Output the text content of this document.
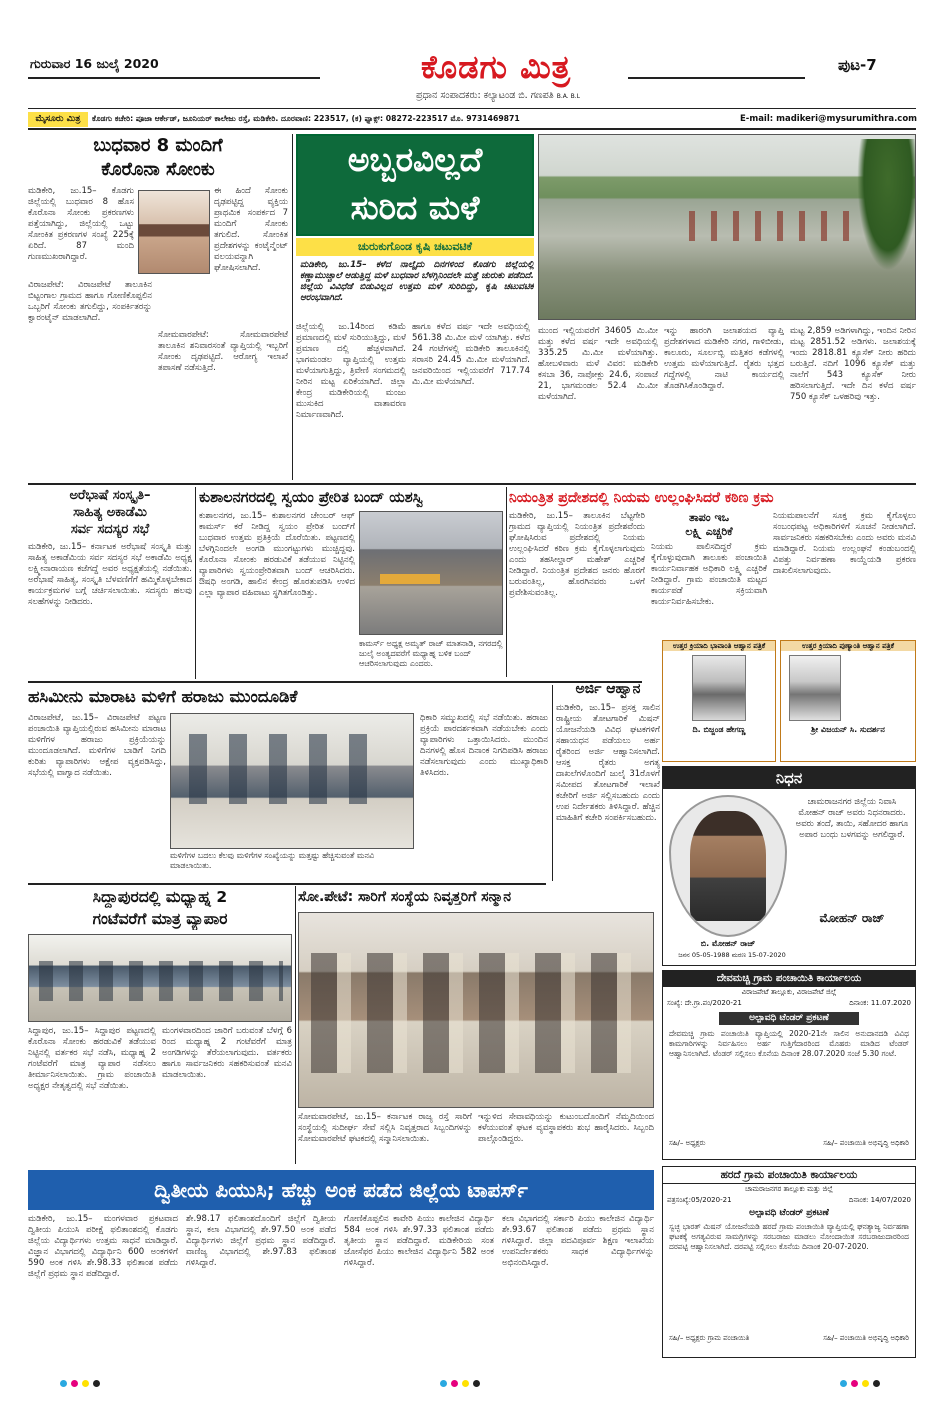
ಗುರುವಾರ 16 ಜುಲೈ 2020	ಕೊಡಗು ಮಿತ್ರ	ಪುಟ-7
ಪ್ರಧಾನ ಸಂಪಾದಕರು: ಕಲ್ಯಾಟಂಡ ಬಿ. ಗಣಪತಿ B.A. B.L
ಮೈಸೂರು ಮಿತ್ರ	ಕೊಡಗು ಕಚೇರಿ: ಪೂಜಾ ಆರ್ಕೇಡ್, ಜೂನಿಯರ್ ಕಾಲೇಜು ರಸ್ತೆ, ಮಡಿಕೇರಿ. ದೂರವಾಣಿ: 223517, (ಕ) ಫ್ಯಾಕ್ಸ್: 08272-223517 ಮೊ. 9731469871	E-mail: madikeri@mysurumithra.com
ಬುಧವಾರ 8 ಮಂದಿಗೆ
ಕೊರೊನಾ ಸೋಂಕು
ಮಡಿಕೇರಿ, ಜು.15– ಕೊಡಗು ಜಿಲ್ಲೆಯಲ್ಲಿ ಬುಧವಾರ 8 ಹೊಸ ಕೊರೊನಾ ಸೋಂಕು ಪ್ರಕರಣಗಳು ಪತ್ತೆಯಾಗಿದ್ದು, ಜಿಲ್ಲೆಯಲ್ಲಿ ಒಟ್ಟು ಸೋಂಕಿತ ಪ್ರಕರಣಗಳ ಸಂಖ್ಯೆ 225ಕ್ಕೆ ಏರಿದೆ. 87 ಮಂದಿ ಗುಣಮುಖರಾಗಿದ್ದಾರೆ.
ಈ ಹಿಂದೆ ಸೋಂಕು ದೃಢಪಟ್ಟಿದ್ದ ವ್ಯಕ್ತಿಯ ಪ್ರಾಥಮಿಕ ಸಂಪರ್ಕದ 7 ಮಂದಿಗೆ ಸೋಂಕು ತಗುಲಿದೆ. ಸೋಂಕಿತ ಪ್ರದೇಶಗಳನ್ನು ಕಂಟೈನ್ಮೆಂಟ್ ವಲಯವನ್ನಾಗಿ ಘೋಷಿಸಲಾಗಿದೆ.
ವಿರಾಜಪೇಟೆ: ವಿರಾಜಪೇಟೆ ತಾಲೂಕಿನ ಬಿಟ್ಟಂಗಾಲ ಗ್ರಾಮದ ಹಾಗೂ ಗೋಣಿಕೊಪ್ಪಲಿನ ಒಬ್ಬರಿಗೆ ಸೋಂಕು ತಗುಲಿದ್ದು, ಸಂಪರ್ಕಿತರನ್ನು ಕ್ವಾರಂಟೈನ್ ಮಾಡಲಾಗಿದೆ.
ಸೋಮವಾರಪೇಟೆ: ಸೋಮವಾರಪೇಟೆ ತಾಲೂಕಿನ ಶನಿವಾರಸಂತೆ ವ್ಯಾಪ್ತಿಯಲ್ಲಿ ಇಬ್ಬರಿಗೆ ಸೋಂಕು ದೃಢಪಟ್ಟಿದೆ. ಆರೋಗ್ಯ ಇಲಾಖೆ ತಪಾಸಣೆ ನಡೆಸುತ್ತಿದೆ.
ಅಬ್ಬರವಿಲ್ಲದೆ
ಸುರಿದ ಮಳೆ
ಚುರುಕುಗೊಂಡ ಕೃಷಿ ಚಟುವಟಿಕೆ
ಮಡಿಕೇರಿ, ಜು.15– ಕಳೆದ ನಾಲ್ಕೈದು ದಿನಗಳಿಂದ ಕೊಡಗು ಜಿಲ್ಲೆಯಲ್ಲಿ ಕಣ್ಣಾಮುಚ್ಚಾಲೆ ಆಡುತ್ತಿದ್ದ ಮಳೆ ಬುಧವಾರ ಬೆಳಗ್ಗಿನಿಂದಲೇ ಮತ್ತೆ ಚುರುಕು ಪಡೆದಿದೆ. ಜಿಲ್ಲೆಯ ವಿವಿಧೆಡೆ ಬಿಡುವಿಲ್ಲದ ಉತ್ತಮ ಮಳೆ ಸುರಿದಿದ್ದು, ಕೃಷಿ ಚಟುವಟಿಕೆ ಆರಂಭವಾಗಿದೆ.
ಜಿಲ್ಲೆಯಲ್ಲಿ ಜು.14ರಿಂದ ಕಡಿಮೆ ಪ್ರಮಾಣದಲ್ಲಿ ಮಳೆ ಸುರಿಯುತ್ತಿದ್ದು, ಮಳೆ ಪ್ರಮಾಣ ದಲ್ಲಿ ಹೆಚ್ಚಳವಾಗಿದೆ. ಭಾಗಮಂಡಲ ವ್ಯಾಪ್ತಿಯಲ್ಲಿ ಉತ್ತಮ ಮಳೆಯಾಗುತ್ತಿದ್ದು, ತ್ರಿವೇಣಿ ಸಂಗಮದಲ್ಲಿ ನೀರಿನ ಮಟ್ಟ ಏರಿಕೆಯಾಗಿದೆ. ಜಿಲ್ಲಾ ಕೇಂದ್ರ ಮಡಿಕೇರಿಯಲ್ಲಿ ಮಂಜು ಮುಸುಕಿದ ವಾತಾವರಣ ನಿರ್ಮಾಣವಾಗಿದೆ.
ಹಾಗೂ ಕಳೆದ ವರ್ಷ ಇದೇ ಅವಧಿಯಲ್ಲಿ 561.38 ಮಿ.ಮೀ ಮಳೆ ಯಾಗಿತ್ತು. ಕಳೆದ 24 ಗಂಟೆಗಳಲ್ಲಿ ಮಡಿಕೇರಿ ತಾಲೂಕಿನಲ್ಲಿ ಸರಾಸರಿ 24.45 ಮಿ.ಮೀ ಮಳೆಯಾಗಿದೆ. ಜನವರಿಯಿಂದ ಇಲ್ಲಿಯವರೆಗೆ 717.74 ಮಿ.ಮೀ ಮಳೆಯಾಗಿದೆ.
ಮುಂದ ಇಲ್ಲಿಯವರೆಗೆ 34605 ಮಿ.ಮೀ ಮತ್ತು ಕಳೆದ ವರ್ಷ ಇದೇ ಅವಧಿಯಲ್ಲಿ 335.25 ಮಿ.ಮೀ ಮಳೆಯಾಗಿತ್ತು. ಹೋಬಳಿವಾರು ಮಳೆ ವಿವರ: ಮಡಿಕೇರಿ ಕಸಬಾ 36, ನಾಪೋಕ್ಲು 24.6, ಸಂಪಾಜೆ 21, ಭಾಗಮಂಡಲ 52.4 ಮಿ.ಮೀ ಮಳೆಯಾಗಿದೆ.
ಇನ್ನು ಹಾರಂಗಿ ಜಲಾಶಯದ ವ್ಯಾಪ್ತಿ ಪ್ರದೇಶಗಳಾದ ಮಡಿಕೇರಿ ನಗರ, ಗಾಳಿಬೀಡು, ಕಾಲೂರು, ಸೂರ್ಲಬ್ಬಿ ಮತ್ತಿತರ ಕಡೆಗಳಲ್ಲಿ ಉತ್ತಮ ಮಳೆಯಾಗುತ್ತಿದೆ. ರೈತರು ಭತ್ತದ ಗದ್ದೆಗಳಲ್ಲಿ ನಾಟಿ ಕಾರ್ಯದಲ್ಲಿ ತೊಡಗಿಸಿಕೊಂಡಿದ್ದಾರೆ.
ಮಟ್ಟ 2,859 ಅಡಿಗಳಾಗಿದ್ದು, ಇಂದಿನ ನೀರಿನ ಮಟ್ಟ 2851.52 ಅಡಿಗಳು. ಜಲಾಶಯಕ್ಕೆ ಇಂದು 2818.81 ಕ್ಯೂಸೆಕ್ ನೀರು ಹರಿದು ಬರುತ್ತಿದೆ. ನದಿಗೆ 1096 ಕ್ಯೂಸೆಕ್ ಮತ್ತು ನಾಲೆಗೆ 543 ಕ್ಯೂಸೆಕ್ ನೀರು ಹರಿಸಲಾಗುತ್ತಿದೆ. ಇದೇ ದಿನ ಕಳೆದ ವರ್ಷ 750 ಕ್ಯೂಸೆಕ್ ಒಳಹರಿವು ಇತ್ತು.
ಅರೆಭಾಷೆ ಸಂಸ್ಕೃತಿ–
ಸಾಹಿತ್ಯ ಅಕಾಡೆಮಿ
ಸರ್ವ ಸದಸ್ಯರ ಸಭೆ
ಮಡಿಕೇರಿ, ಜು.15– ಕರ್ನಾಟಕ ಅರೆಭಾಷೆ ಸಂಸ್ಕೃತಿ ಮತ್ತು ಸಾಹಿತ್ಯ ಅಕಾಡೆಮಿಯ ಸರ್ವ ಸದಸ್ಯರ ಸಭೆ ಅಕಾಡೆಮಿ ಅಧ್ಯಕ್ಷ ಲಕ್ಷ್ಮೀನಾರಾಯಣ ಕಜೆಗದ್ದೆ ಅವರ ಅಧ್ಯಕ್ಷತೆಯಲ್ಲಿ ನಡೆಯಿತು. ಅರೆಭಾಷೆ ಸಾಹಿತ್ಯ, ಸಂಸ್ಕೃತಿ ಬೆಳವಣಿಗೆಗೆ ಹಮ್ಮಿಕೊಳ್ಳಬೇಕಾದ ಕಾರ್ಯಕ್ರಮಗಳ ಬಗ್ಗೆ ಚರ್ಚಿಸಲಾಯಿತು. ಸದಸ್ಯರು ಹಲವು ಸಲಹೆಗಳನ್ನು ನೀಡಿದರು.
ಕುಶಾಲನಗರದಲ್ಲಿ ಸ್ವಯಂ ಪ್ರೇರಿತ ಬಂದ್ ಯಶಸ್ವಿ
ಕುಶಾಲನಗರ, ಜು.15– ಕುಶಾಲನಗರ ಚೇಂಬರ್ ಆಫ್ ಕಾಮರ್ಸ್ ಕರೆ ನೀಡಿದ್ದ ಸ್ವಯಂ ಪ್ರೇರಿತ ಬಂದ್‌ಗೆ ಬುಧವಾರ ಉತ್ತಮ ಪ್ರತಿಕ್ರಿಯೆ ದೊರೆಯಿತು. ಪಟ್ಟಣದಲ್ಲಿ ಬೆಳಗ್ಗಿನಿಂದಲೇ ಅಂಗಡಿ ಮುಂಗಟ್ಟುಗಳು ಮುಚ್ಚಿದ್ದವು. ಕೊರೊನಾ ಸೋಂಕು ಹರಡುವಿಕೆ ತಡೆಯುವ ನಿಟ್ಟಿನಲ್ಲಿ ವ್ಯಾಪಾರಿಗಳು ಸ್ವಯಂಪ್ರೇರಿತವಾಗಿ ಬಂದ್ ಆಚರಿಸಿದರು. ಔಷಧಿ ಅಂಗಡಿ, ಹಾಲಿನ ಕೇಂದ್ರ ಹೊರತುಪಡಿಸಿ ಉಳಿದ ಎಲ್ಲಾ ವ್ಯಾಪಾರ ವಹಿವಾಟು ಸ್ಥಗಿತಗೊಂಡಿತ್ತು.
ಕಾಮರ್ಸ್ ಅಧ್ಯಕ್ಷ ಅಮೃತ್ ರಾಜ್ ಮಾತನಾಡಿ, ನಗರದಲ್ಲಿ ಜುಲೈ ಅಂತ್ಯದವರೆಗೆ ಮಧ್ಯಾಹ್ನ ಬಳಿಕ ಬಂದ್ ಆಚರಿಸಲಾಗುವುದು ಎಂದರು.
ನಿಯಂತ್ರಿತ ಪ್ರದೇಶದಲ್ಲಿ ನಿಯಮ ಉಲ್ಲಂಘಿಸಿದರೆ ಕಠಿಣ ಕ್ರಮ
ಮಡಿಕೇರಿ, ಜು.15– ತಾಲೂಕಿನ ಬೆಟ್ಟಗೇರಿ ಗ್ರಾಮದ ವ್ಯಾಪ್ತಿಯಲ್ಲಿ ನಿಯಂತ್ರಿತ ಪ್ರದೇಶವೆಂದು ಘೋಷಿಸಿರುವ ಪ್ರದೇಶದಲ್ಲಿ ನಿಯಮ ಉಲ್ಲಂಘಿಸಿದರೆ ಕಠಿಣ ಕ್ರಮ ಕೈಗೊಳ್ಳಲಾಗುವುದು ಎಂದು ತಹಸೀಲ್ದಾರ್ ಮಹೇಶ್ ಎಚ್ಚರಿಕೆ ನೀಡಿದ್ದಾರೆ. ನಿಯಂತ್ರಿತ ಪ್ರದೇಶದ ಜನರು ಹೊರಗೆ ಬರುವಂತಿಲ್ಲ, ಹೊರಗಿನವರು ಒಳಗೆ ಪ್ರವೇಶಿಸುವಂತಿಲ್ಲ.
ತಾಪಂ ಇಒ
ಲಕ್ಷ್ಮಿ ಎಚ್ಚರಿಕೆ
ನಿಯಮ ಪಾಲಿಸದಿದ್ದರೆ ಕ್ರಮ ಕೈಗೊಳ್ಳುವುದಾಗಿ ತಾಲೂಕು ಪಂಚಾಯಿತಿ ಕಾರ್ಯನಿರ್ವಾಹಕ ಅಧಿಕಾರಿ ಲಕ್ಷ್ಮಿ ಎಚ್ಚರಿಕೆ ನೀಡಿದ್ದಾರೆ. ಗ್ರಾಮ ಪಂಚಾಯಿತಿ ಮಟ್ಟದ ಕಾರ್ಯಪಡೆ ಸಕ್ರಿಯವಾಗಿ ಕಾರ್ಯನಿರ್ವಹಿಸಬೇಕು.
ನಿಯಮಪಾಲನೆಗೆ ಸೂಕ್ತ ಕ್ರಮ ಕೈಗೊಳ್ಳಲು ಸಂಬಂಧಪಟ್ಟ ಅಧಿಕಾರಿಗಳಿಗೆ ಸೂಚನೆ ನೀಡಲಾಗಿದೆ. ಸಾರ್ವಜನಿಕರು ಸಹಕರಿಸಬೇಕು ಎಂದು ಅವರು ಮನವಿ ಮಾಡಿದ್ದಾರೆ. ನಿಯಮ ಉಲ್ಲಂಘನೆ ಕಂಡುಬಂದಲ್ಲಿ ವಿಪತ್ತು ನಿರ್ವಹಣಾ ಕಾಯ್ದೆಯಡಿ ಪ್ರಕರಣ ದಾಖಲಿಸಲಾಗುವುದು.
ಹಸಿಮೀನು ಮಾರಾಟ ಮಳಿಗೆ ಹರಾಜು ಮುಂದೂಡಿಕೆ
ವಿರಾಜಪೇಟೆ, ಜು.15– ವಿರಾಜಪೇಟೆ ಪಟ್ಟಣ ಪಂಚಾಯಿತಿ ವ್ಯಾಪ್ತಿಯಲ್ಲಿರುವ ಹಸಿಮೀನು ಮಾರಾಟ ಮಳಿಗೆಗಳ ಹರಾಜು ಪ್ರಕ್ರಿಯೆಯನ್ನು ಮುಂದೂಡಲಾಗಿದೆ. ಮಳಿಗೆಗಳ ಬಾಡಿಗೆ ನಿಗದಿ ಕುರಿತು ವ್ಯಾಪಾರಿಗಳು ಆಕ್ಷೇಪ ವ್ಯಕ್ತಪಡಿಸಿದ್ದು, ಸಭೆಯಲ್ಲಿ ವಾಗ್ವಾದ ನಡೆಯಿತು.
ಮಳಿಗೆಗಳ ಬದಲು ಕೆಲವು ಮಳಿಗೆಗಳ ಸಂಖ್ಯೆಯನ್ನು ಮತ್ತಷ್ಟು ಹೆಚ್ಚಿಸುವಂತೆ ಮನವಿ ಮಾಡಲಾಯಿತು.
ಧಿಕಾರಿ ಸಮ್ಮುಖದಲ್ಲಿ ಸಭೆ ನಡೆಯಿತು. ಹರಾಜು ಪ್ರಕ್ರಿಯೆ ಪಾರದರ್ಶಕವಾಗಿ ನಡೆಯಬೇಕು ಎಂದು ವ್ಯಾಪಾರಿಗಳು ಒತ್ತಾಯಿಸಿದರು. ಮುಂದಿನ ದಿನಗಳಲ್ಲಿ ಹೊಸ ದಿನಾಂಕ ನಿಗದಿಪಡಿಸಿ ಹರಾಜು ನಡೆಸಲಾಗುವುದು ಎಂದು ಮುಖ್ಯಾಧಿಕಾರಿ ತಿಳಿಸಿದರು.
ಅರ್ಜಿ ಆಹ್ವಾನ
ಮಡಿಕೇರಿ, ಜು.15– ಪ್ರಸಕ್ತ ಸಾಲಿನ ರಾಷ್ಟ್ರೀಯ ತೋಟಗಾರಿಕೆ ಮಿಷನ್ ಯೋಜನೆಯಡಿ ವಿವಿಧ ಘಟಕಗಳಿಗೆ ಸಹಾಯಧನ ಪಡೆಯಲು ಅರ್ಹ ರೈತರಿಂದ ಅರ್ಜಿ ಆಹ್ವಾನಿಸಲಾಗಿದೆ. ಆಸಕ್ತ ರೈತರು ಅಗತ್ಯ ದಾಖಲೆಗಳೊಂದಿಗೆ ಜುಲೈ 31ರೊಳಗೆ ಸಮೀಪದ ತೋಟಗಾರಿಕೆ ಇಲಾಖೆ ಕಚೇರಿಗೆ ಅರ್ಜಿ ಸಲ್ಲಿಸಬಹುದು ಎಂದು ಉಪ ನಿರ್ದೇಶಕರು ತಿಳಿಸಿದ್ದಾರೆ. ಹೆಚ್ಚಿನ ಮಾಹಿತಿಗೆ ಕಚೇರಿ ಸಂಪರ್ಕಿಸಬಹುದು.
ಉತ್ತರ ಕ್ರಿಯಾದಿ ಭಾವಾಂತಿ ಆಹ್ವಾನ ಪತ್ರಿಕೆ
ದಿ. ಬಿಜ್ಜಂಡ ಹೇಗಣ್ಣ
ಉತ್ತರ ಕ್ರಿಯಾದಿ ಪುಣ್ಯಾಂತಿ ಆಹ್ವಾನ ಪತ್ರಿಕೆ
ಶ್ರೀ ವಿಜಯನ್ ಸಿ. ಸುದರ್ಶನ
ನಿಧನ
ಬಿ. ಮೋಹನ್ ರಾಜ್
ಜನನ 05-05-1988 ಮರಣ 15-07-2020
ಚಾಮರಾಜನಗರ ಜಿಲ್ಲೆಯ ನಿವಾಸಿ ಮೋಹನ್ ರಾಜ್ ಅವರು ನಿಧನರಾದರು. ಅವರು ತಂದೆ, ತಾಯಿ, ಸಹೋದರ ಹಾಗೂ ಅಪಾರ ಬಂಧು ಬಳಗವನ್ನು ಅಗಲಿದ್ದಾರೆ.
ಮೋಹನ್ ರಾಜ್
ಸಿದ್ದಾಪುರದಲ್ಲಿ ಮಧ್ಯಾಹ್ನ 2
ಗಂಟೆವರೆಗೆ ಮಾತ್ರ ವ್ಯಾಪಾರ
ಸಿದ್ದಾಪುರ, ಜು.15– ಸಿದ್ದಾಪುರ ಪಟ್ಟಣದಲ್ಲಿ ಕೊರೊನಾ ಸೋಂಕು ಹರಡುವಿಕೆ ತಡೆಯುವ ನಿಟ್ಟಿನಲ್ಲಿ ವರ್ತಕರ ಸಭೆ ನಡೆಸಿ, ಮಧ್ಯಾಹ್ನ 2 ಗಂಟೆವರೆಗೆ ಮಾತ್ರ ವ್ಯಾಪಾರ ನಡೆಸಲು ತೀರ್ಮಾನಿಸಲಾಯಿತು. ಗ್ರಾಮ ಪಂಚಾಯಿತಿ ಅಧ್ಯಕ್ಷರ ನೇತೃತ್ವದಲ್ಲಿ ಸಭೆ ನಡೆಯಿತು.
ಮಂಗಳವಾರದಿಂದ ಜಾರಿಗೆ ಬರುವಂತೆ ಬೆಳಗ್ಗೆ 6 ರಿಂದ ಮಧ್ಯಾಹ್ನ 2 ಗಂಟೆವರೆಗೆ ಮಾತ್ರ ಅಂಗಡಿಗಳನ್ನು ತೆರೆಯಲಾಗುವುದು. ವರ್ತಕರು ಹಾಗೂ ಸಾರ್ವಜನಿಕರು ಸಹಕರಿಸುವಂತೆ ಮನವಿ ಮಾಡಲಾಯಿತು.
ಸೋ.ಪೇಟೆ: ಸಾರಿಗೆ ಸಂಸ್ಥೆಯ ನಿವೃತ್ತರಿಗೆ ಸನ್ಮಾನ
ಸೋಮವಾರಪೇಟೆ, ಜು.15– ಕರ್ನಾಟಕ ರಾಜ್ಯ ರಸ್ತೆ ಸಾರಿಗೆ ಸಂಸ್ಥೆಯಲ್ಲಿ ಸುದೀರ್ಘ ಸೇವೆ ಸಲ್ಲಿಸಿ ನಿವೃತ್ತರಾದ ಸಿಬ್ಬಂದಿಗಳನ್ನು ಸೋಮವಾರಪೇಟೆ ಘಟಕದಲ್ಲಿ ಸನ್ಮಾನಿಸಲಾಯಿತು.
ಇನ್ನುಳಿದ ಸೇವಾವಧಿಯನ್ನು ಕುಟುಂಬದೊಂದಿಗೆ ನೆಮ್ಮದಿಯಿಂದ ಕಳೆಯುವಂತೆ ಘಟಕ ವ್ಯವಸ್ಥಾಪಕರು ಶುಭ ಹಾರೈಸಿದರು. ಸಿಬ್ಬಂದಿ ಪಾಲ್ಗೊಂಡಿದ್ದರು.
ದೇವಮಚ್ಚಿ ಗ್ರಾಮ ಪಂಚಾಯಿತಿ ಕಾರ್ಯಾಲಯ
ವಿರಾಜಪೇಟೆ ತಾಲ್ಲೂಕು, ವಿರಾಜಪೇಟೆ ಜಿಲ್ಲೆ
ಸಂಖ್ಯೆ: ದೇ.ಗ್ರಾ.ಪಂ/2020-21	ದಿನಾಂಕ: 11.07.2020
ಅಲ್ಪಾವಧಿ ಟೆಂಡರ್ ಪ್ರಕಟಣೆ
ದೇವಮಚ್ಚಿ ಗ್ರಾಮ ಪಂಚಾಯಿತಿ ವ್ಯಾಪ್ತಿಯಲ್ಲಿ 2020-21ನೇ ಸಾಲಿನ ಅನುದಾನದಡಿ ವಿವಿಧ ಕಾಮಗಾರಿಗಳನ್ನು ನಿರ್ವಹಿಸಲು ಅರ್ಹ ಗುತ್ತಿಗೆದಾರರಿಂದ ಮೊಹರು ಮಾಡಿದ ಟೆಂಡರ್ ಆಹ್ವಾನಿಸಲಾಗಿದೆ. ಟೆಂಡರ್ ಸಲ್ಲಿಸಲು ಕೊನೆಯ ದಿನಾಂಕ 28.07.2020 ಸಂಜೆ 5.30 ಗಂಟೆ.
ಸಹಿ/– ಅಧ್ಯಕ್ಷರು	ಸಹಿ/– ಪಂಚಾಯಿತಿ ಅಭಿವೃದ್ಧಿ ಅಧಿಕಾರಿ
ದ್ವಿತೀಯ ಪಿಯುಸಿ; ಹೆಚ್ಚು ಅಂಕ ಪಡೆದ ಜಿಲ್ಲೆಯ ಟಾಪರ್ಸ್
ಮಡಿಕೇರಿ, ಜು.15– ಮಂಗಳವಾರ ಪ್ರಕಟವಾದ ದ್ವಿತೀಯ ಪಿಯುಸಿ ಪರೀಕ್ಷೆ ಫಲಿತಾಂಶದಲ್ಲಿ ಕೊಡಗು ಜಿಲ್ಲೆಯ ವಿದ್ಯಾರ್ಥಿಗಳು ಉತ್ತಮ ಸಾಧನೆ ಮಾಡಿದ್ದಾರೆ. ವಿಜ್ಞಾನ ವಿಭಾಗದಲ್ಲಿ ವಿದ್ಯಾರ್ಥಿನಿ 600 ಅಂಕಗಳಿಗೆ 590 ಅಂಕ ಗಳಿಸಿ ಶೇ.98.33 ಫಲಿತಾಂಶ ಪಡೆದು ಜಿಲ್ಲೆಗೆ ಪ್ರಥಮ ಸ್ಥಾನ ಪಡೆದಿದ್ದಾರೆ.
ಶೇ.98.17 ಫಲಿತಾಂಶದೊಂದಿಗೆ ಜಿಲ್ಲೆಗೆ ದ್ವಿತೀಯ ಸ್ಥಾನ, ಕಲಾ ವಿಭಾಗದಲ್ಲಿ ಶೇ.97.50 ಅಂಕ ಪಡೆದ ವಿದ್ಯಾರ್ಥಿಗಳು ಜಿಲ್ಲೆಗೆ ಪ್ರಥಮ ಸ್ಥಾನ ಪಡೆದಿದ್ದಾರೆ. ವಾಣಿಜ್ಯ ವಿಭಾಗದಲ್ಲಿ ಶೇ.97.83 ಫಲಿತಾಂಶ ಗಳಿಸಿದ್ದಾರೆ.
ಗೋಣಿಕೊಪ್ಪಲಿನ ಕಾವೇರಿ ಪಿಯು ಕಾಲೇಜಿನ ವಿದ್ಯಾರ್ಥಿ 584 ಅಂಕ ಗಳಿಸಿ ಶೇ.97.33 ಫಲಿತಾಂಶ ಪಡೆದು ತೃತೀಯ ಸ್ಥಾನ ಪಡೆದಿದ್ದಾರೆ. ಮಡಿಕೇರಿಯ ಸಂತ ಜೋಸೆಫರ ಪಿಯು ಕಾಲೇಜಿನ ವಿದ್ಯಾರ್ಥಿನಿ 582 ಅಂಕ ಗಳಿಸಿದ್ದಾರೆ.
ಕಲಾ ವಿಭಾಗದಲ್ಲಿ ಸರ್ಕಾರಿ ಪಿಯು ಕಾಲೇಜಿನ ವಿದ್ಯಾರ್ಥಿ ಶೇ.93.67 ಫಲಿತಾಂಶ ಪಡೆದು ಪ್ರಥಮ ಸ್ಥಾನ ಗಳಿಸಿದ್ದಾರೆ. ಜಿಲ್ಲಾ ಪದವಿಪೂರ್ವ ಶಿಕ್ಷಣ ಇಲಾಖೆಯ ಉಪನಿರ್ದೇಶಕರು ಸಾಧಕ ವಿದ್ಯಾರ್ಥಿಗಳನ್ನು ಅಭಿನಂದಿಸಿದ್ದಾರೆ.
ಹರದೆ ಗ್ರಾಮ ಪಂಚಾಯಿತಿ ಕಾರ್ಯಾಲಯ
ಚಾಮರಾಜನಗರ ತಾಲ್ಲೂಕು ಮತ್ತು ಜಿಲ್ಲೆ
ಪತ್ರಸಂಖ್ಯೆ:05/2020-21	ದಿನಾಂಕ: 14/07/2020
ಅಲ್ಪಾವಧಿ ಟೆಂಡರ್ ಪ್ರಕಟಣೆ
ಸ್ವಚ್ಛ ಭಾರತ್ ಮಿಷನ್ ಯೋಜನೆಯಡಿ ಹರದೆ ಗ್ರಾಮ ಪಂಚಾಯಿತಿ ವ್ಯಾಪ್ತಿಯಲ್ಲಿ ಘನತ್ಯಾಜ್ಯ ನಿರ್ವಹಣಾ ಘಟಕಕ್ಕೆ ಅಗತ್ಯವಿರುವ ಸಾಮಗ್ರಿಗಳನ್ನು ಸರಬರಾಜು ಮಾಡಲು ನೋಂದಾಯಿತ ಸರಬರಾಜುದಾರರಿಂದ ದರಪಟ್ಟಿ ಆಹ್ವಾನಿಸಲಾಗಿದೆ. ದರಪಟ್ಟಿ ಸಲ್ಲಿಸಲು ಕೊನೆಯ ದಿನಾಂಕ 20-07-2020.
ಸಹಿ/– ಅಧ್ಯಕ್ಷರು ಗ್ರಾಮ ಪಂಚಾಯಿತಿ	ಸಹಿ/– ಪಂಚಾಯಿತಿ ಅಭಿವೃದ್ಧಿ ಅಧಿಕಾರಿ
